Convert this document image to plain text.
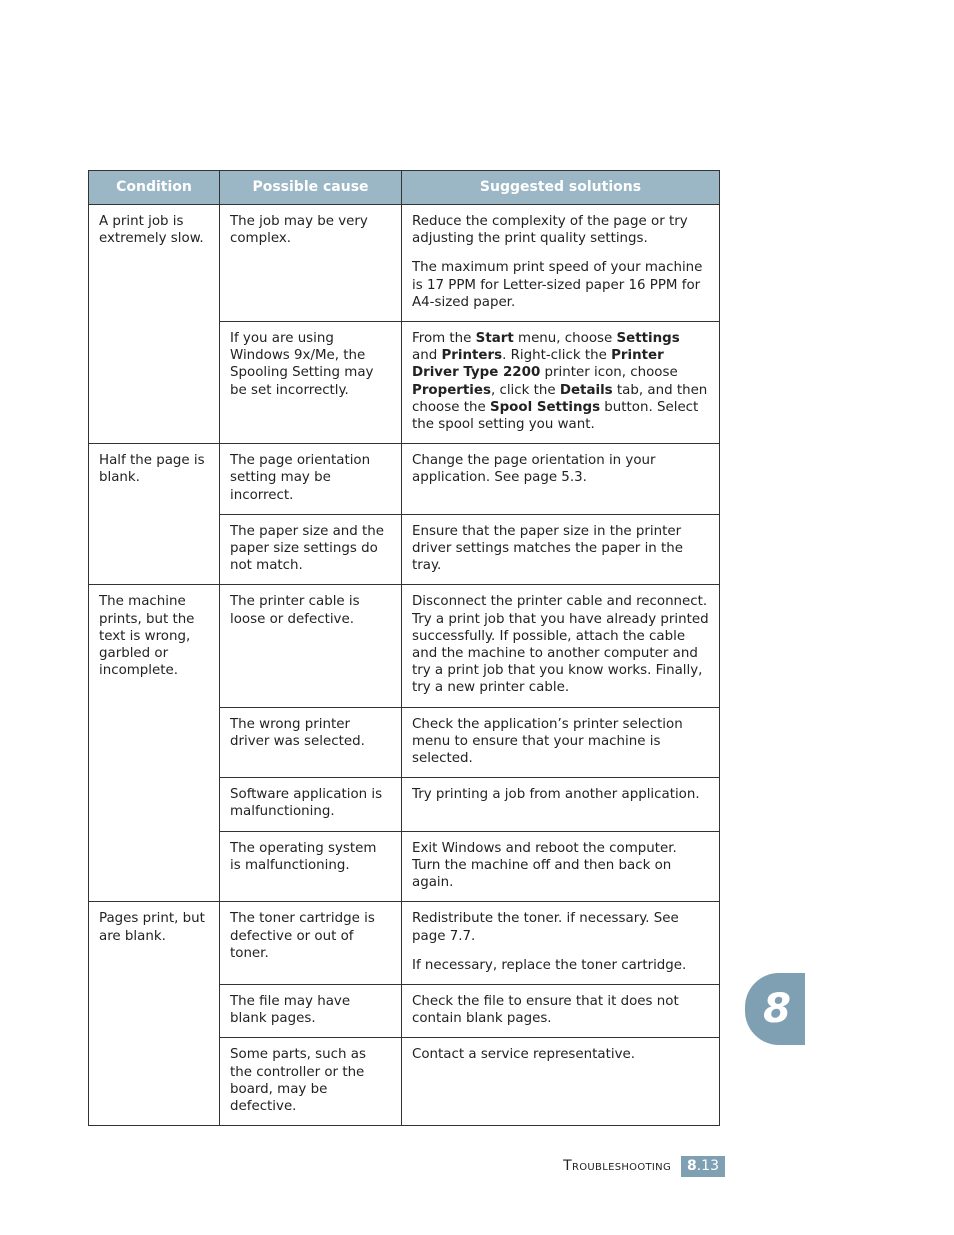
Condition	Possible cause	Suggested solutions
A print job is extremely slow.	The job may be very complex.	Reduce the complexity of the page or try adjusting the print quality settings.

The maximum print speed of your machine is 17 PPM for Letter-sized paper 16 PPM for A4-sized paper.

	If you are using Windows 9x/Me, the Spooling Setting may be set incorrectly.	From the Start menu, choose Settings and Printers. Right-click the Printer Driver Type 2200 printer icon, choose Properties, click the Details tab, and then choose the Spool Settings button. Select the spool setting you want.

Half the page is blank.	The page orientation setting may be incorrect.	Change the page orientation in your application. See page 5.3.

	The paper size and the paper size settings do not match.	Ensure that the paper size in the printer driver settings matches the paper in the tray.

The machine prints, but the text is wrong, garbled or incomplete.	The printer cable is loose or defective.	Disconnect the printer cable and reconnect. Try a print job that you have already printed successfully. If possible, attach the cable and the machine to another computer and try a print job that you know works. Finally, try a new printer cable.

	The wrong printer driver was selected.	Check the application’s printer selection menu to ensure that your machine is selected.

	Software application is malfunctioning.	Try printing a job from another application.

	The operating system is malfunctioning.	Exit Windows and reboot the computer. Turn the machine off and then back on again.

Pages print, but are blank.	The toner cartridge is defective or out of toner.	Redistribute the toner. if necessary. See page 7.7.

If necessary, replace the toner cartridge.

	The file may have blank pages.	Check the file to ensure that it does not contain blank pages.

	Some parts, such as the controller or the board, may be defective.	Contact a service representative.

8
Troubleshooting	8.13
